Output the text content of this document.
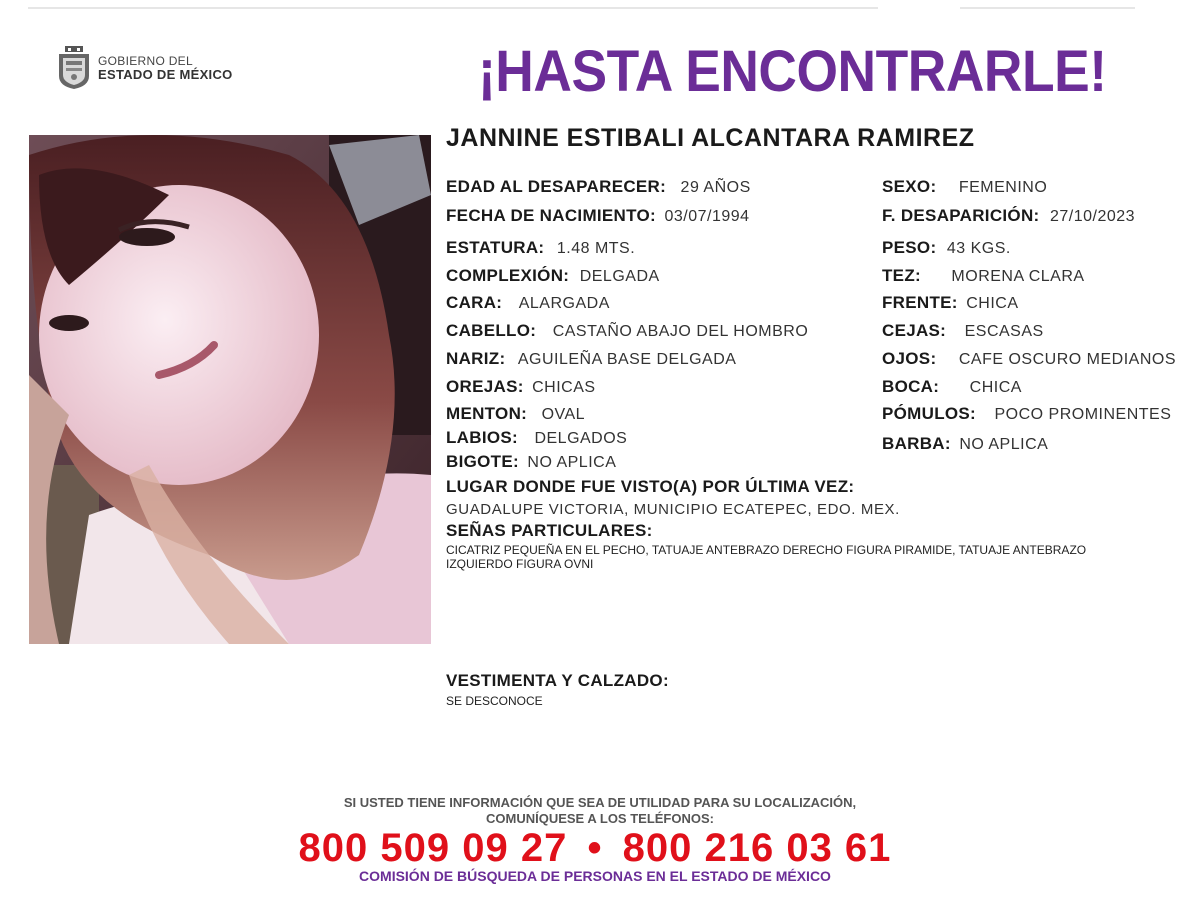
GOBIERNO DEL
ESTADO DE MÉXICO	¡HASTA ENCONTRARLE!
JANNINE ESTIBALI ALCANTARA RAMIREZ
EDAD AL DESAPARECER: 29 AÑOS
FECHA DE NACIMIENTO: 03/07/1994
ESTATURA: 1.48 MTS.
COMPLEXIÓN: DELGADA
CARA: ALARGADA
CABELLO: CASTAÑO ABAJO DEL HOMBRO
NARIZ: AGUILEÑA BASE DELGADA
OREJAS: CHICAS
MENTON: OVAL
LABIOS: DELGADOS
BIGOTE: NO APLICA
SEXO: FEMENINO
F. DESAPARICIÓN: 27/10/2023
PESO: 43 KGS.
TEZ: MORENA CLARA
FRENTE: CHICA
CEJAS: ESCASAS
OJOS: CAFE OSCURO MEDIANOS
BOCA: CHICA
PÓMULOS: POCO PROMINENTES
BARBA: NO APLICA
LUGAR DONDE FUE VISTO(A) POR ÚLTIMA VEZ:
GUADALUPE VICTORIA, MUNICIPIO ECATEPEC, EDO. MEX.
SEÑAS PARTICULARES:
CICATRIZ PEQUEÑA EN EL PECHO, TATUAJE ANTEBRAZO DERECHO FIGURA PIRAMIDE, TATUAJE ANTEBRAZO
IZQUIERDO FIGURA OVNI
VESTIMENTA Y CALZADO:
SE DESCONOCE
SI USTED TIENE INFORMACIÓN QUE SEA DE UTILIDAD PARA SU LOCALIZACIÓN,
COMUNÍQUESE A LOS TELÉFONOS:
800 509 09 27 • 800 216 03 61
COMISIÓN DE BÚSQUEDA DE PERSONAS EN EL ESTADO DE MÉXICO
